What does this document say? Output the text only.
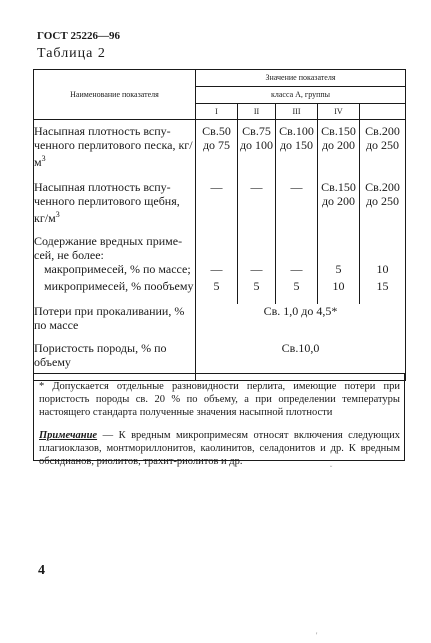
ГОСТ 25226—96
Таблица 2
Наименование показателя	Значение показателя				
	класса А, группы				
	I	II	III	IV	
Насыпная плотность вспу-ченного перлитового песка, $кг/м^3$	Св.50 до 75	Св.75 до 100	Св.100 до 150	Св.150 до 200	Св.200 до 250
Насыпная плотность вспу-ченного перлитового щебня, $кг/м^3$	—	—	—	Св.150 до 200	Св.200 до 250
Содержание вредных приме-сей, не более:					
макропримесей, % по массе;	—	—	—	5	10
микропримесей, % пообъему	5	5	5	10	15
Потери при прокаливании, % по массе	Св. 1,0 до 4,5*				
Пористость породы, % по объему	Св.10,0				

* Допускается отдельные разновидности перлита, имеющие потери при пористость породы св. 20 % по объему, а при определении температуры настоящего стандарта полученные значения насыпной плотности

Примечание — К вредным микропримесям относят включения следующих плагиоклазов, монтмориллонитов, каолинитов, селадонитов и др. К вредным обсидианов, риолитов, трахит-риолитов и др.	ᵕ
4
'
